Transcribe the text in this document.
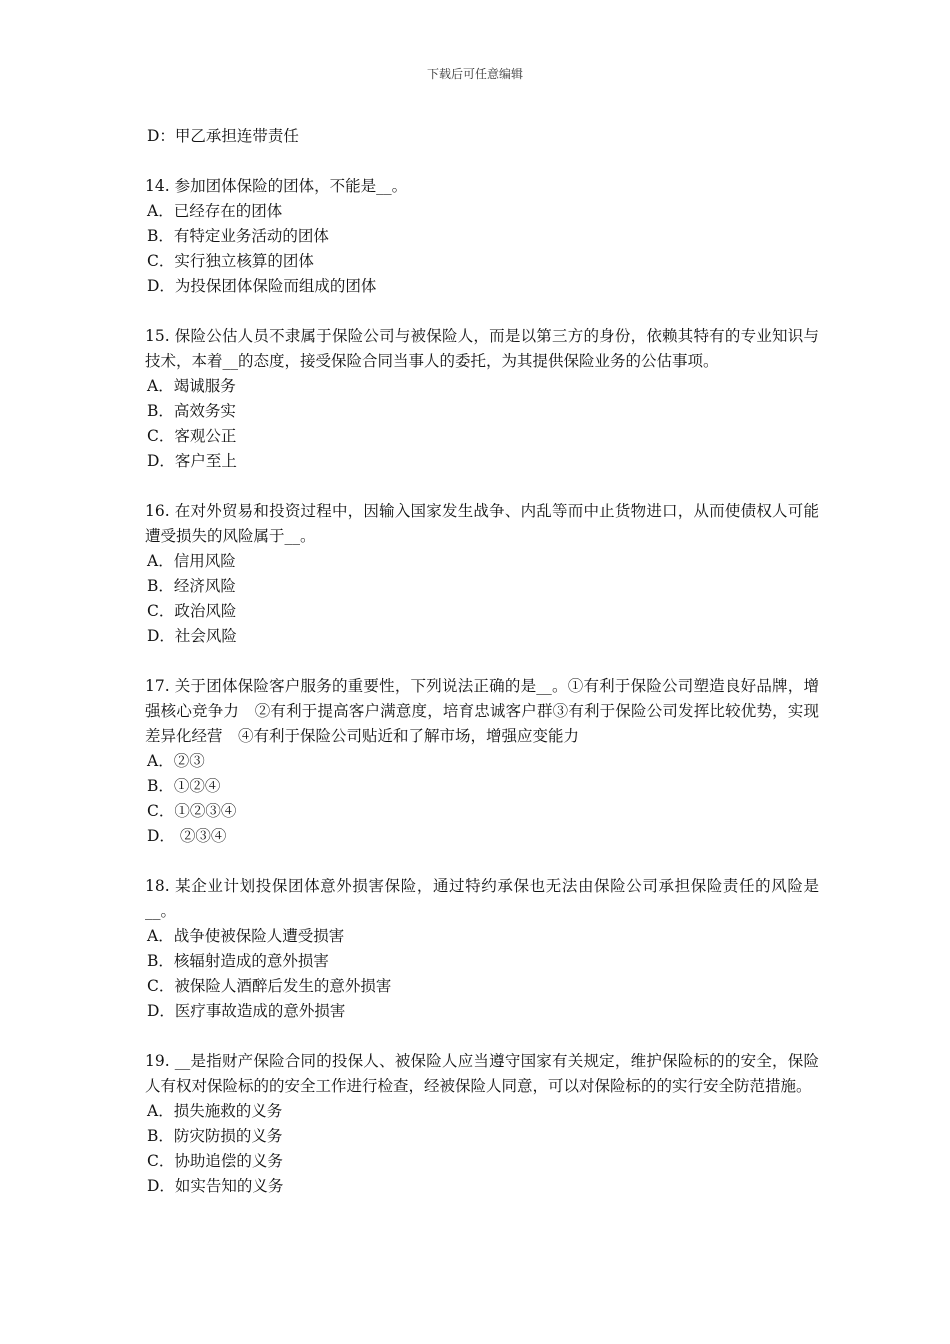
下载后可任意编辑
D：甲乙承担连带责任
14. 参加团体保险的团体，不能是__。
A．已经存在的团体
B．有特定业务活动的团体
C．实行独立核算的团体
D．为投保团体保险而组成的团体
15. 保险公估人员不隶属于保险公司与被保险人，而是以第三方的身份，依赖其特有的专业知识与技术，本着__的态度，接受保险合同当事人的委托，为其提供保险业务的公估事项。
A．竭诚服务
B．高效务实
C．客观公正
D．客户至上
16. 在对外贸易和投资过程中，因输入国家发生战争、内乱等而中止货物进口，从而使债权人可能遭受损失的风险属于__。
A．信用风险
B．经济风险
C．政治风险
D．社会风险
17. 关于团体保险客户服务的重要性，下列说法正确的是__。①有利于保险公司塑造良好品牌，增强核心竞争力　②有利于提高客户满意度，培育忠诚客户群③有利于保险公司发挥比较优势，实现差异化经营　④有利于保险公司贴近和了解市场，增强应变能力
A．②③
B．①②④
C．①②③④
D． ②③④
18. 某企业计划投保团体意外损害保险，通过特约承保也无法由保险公司承担保险责任的风险是__。
A．战争使被保险人遭受损害
B．核辐射造成的意外损害
C．被保险人酒醉后发生的意外损害
D．医疗事故造成的意外损害
19. __是指财产保险合同的投保人、被保险人应当遵守国家有关规定，维护保险标的的安全，保险人有权对保险标的的安全工作进行检查，经被保险人同意，可以对保险标的的实行安全防范措施。
A．损失施救的义务
B．防灾防损的义务
C．协助追偿的义务
D．如实告知的义务
